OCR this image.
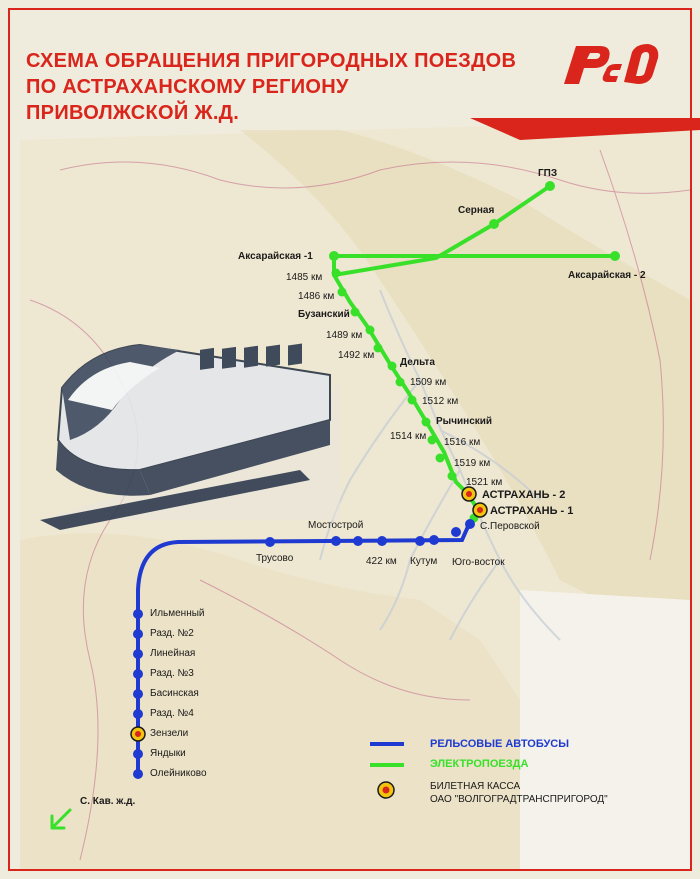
СХЕМА ОБРАЩЕНИЯ ПРИГОРОДНЫХ ПОЕЗДОВ
ПО АСТРАХАНСКОМУ РЕГИОНУ
ПРИВОЛЖСКОЙ Ж.Д.
ГПЗ
Серная
Аксарайская -1
Аксарайская - 2
1485 км
1486 км
Бузанский
1489 км
1492 км
Дельта
1509 км
1512 км
Рычинский
1514 км
1516 км
1519 км
1521 км
АСТРАХАНЬ - 2
АСТРАХАНЬ - 1
С.Перовской
Мостострой
Трусово	422 км Кутум Юго-восток
Ильменный
Разд. №2
Линейная
Разд. №3
Басинская
Разд. №4
Зензели
Яндыки
Олейниково
С. Кав. ж.д.
РЕЛЬСОВЫЕ АВТОБУСЫ
ЭЛЕКТРОПОЕЗДА
БИЛЕТНАЯ КАССА
ОАО "ВОЛГОГРАДТРАНСПРИГОРОД"
